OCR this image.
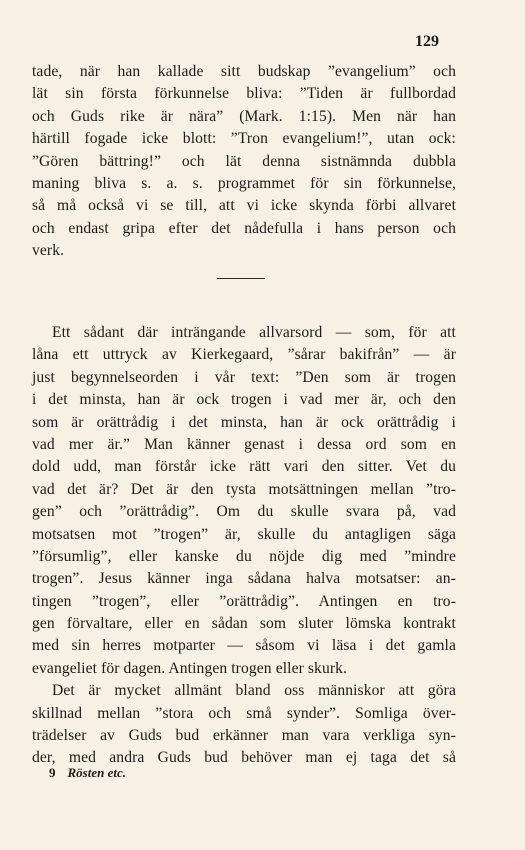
129
tade, när han kallade sitt budskap ”evangelium” och
lät sin första förkunnelse bliva: ”Tiden är fullbordad
och Guds rike är nära” (Mark. 1:15). Men när han
härtill fogade icke blott: ”Tron evangelium!”, utan ock:
”Gören bättring!” och lät denna sistnämnda dubbla
maning bliva s. a. s. programmet för sin förkunnelse,
så må också vi se till, att vi icke skynda förbi allvaret
och endast gripa efter det nådefulla i hans person och
verk.
Ett sådant där inträngande allvarsord — som, för att
låna ett uttryck av Kierkegaard, ”sårar bakifrån” — är
just begynnelseorden i vår text: ”Den som är trogen
i det minsta, han är ock trogen i vad mer är, och den
som är orättrådig i det minsta, han är ock orättrådig i
vad mer är.” Man känner genast i dessa ord som en
dold udd, man förstår icke rätt vari den sitter. Vet du
vad det är? Det är den tysta motsättningen mellan ”tro-
gen” och ”orättrådig”. Om du skulle svara på, vad
motsatsen mot ”trogen” är, skulle du antagligen säga
”försumlig”, eller kanske du nöjde dig med ”mindre
trogen”. Jesus känner inga sådana halva motsatser: an-
tingen ”trogen”, eller ”orättrådig”. Antingen en tro-
gen förvaltare, eller en sådan som sluter lömska kontrakt
med sin herres motparter — såsom vi läsa i det gamla
evangeliet för dagen. Antingen trogen eller skurk.
Det är mycket allmänt bland oss människor att göra
skillnad mellan ”stora och små synder”. Somliga över-
trädelser av Guds bud erkänner man vara verkliga syn-
der, med andra Guds bud behöver man ej taga det så
9 Rösten etc.
